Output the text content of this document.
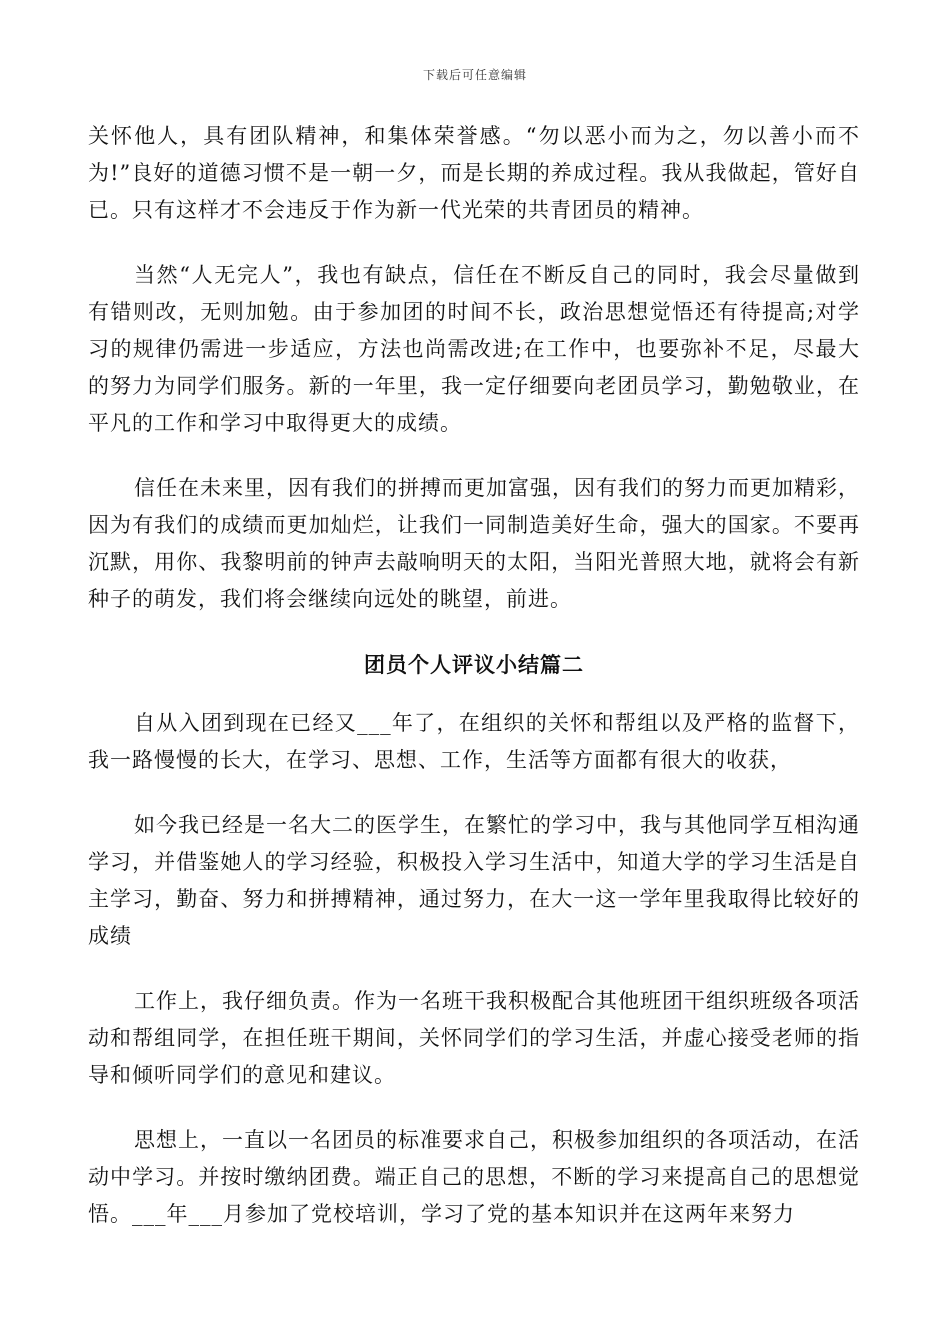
下载后可任意编辑

关怀他人，具有团队精神，和集体荣誉感。“勿以恶小而为之，勿以善小而不为!”良好的道德习惯不是一朝一夕，而是长期的养成过程。我从我做起，管好自已。只有这样才不会违反于作为新一代光荣的共青团员的精神。

当然“人无完人”，我也有缺点，信任在不断反自己的同时，我会尽量做到有错则改，无则加勉。由于参加团的时间不长，政治思想觉悟还有待提高;对学习的规律仍需进一步适应，方法也尚需改进;在工作中，也要弥补不足，尽最大的努力为同学们服务。新的一年里，我一定仔细要向老团员学习，勤勉敬业，在平凡的工作和学习中取得更大的成绩。

信任在未来里，因有我们的拼搏而更加富强，因有我们的努力而更加精彩，因为有我们的成绩而更加灿烂，让我们一同制造美好生命，强大的国家。不要再沉默，用你、我黎明前的钟声去敲响明天的太阳，当阳光普照大地，就将会有新种子的萌发，我们将会继续向远处的眺望，前进。

团员个人评议小结篇二

自从入团到现在已经又___年了，在组织的关怀和帮组以及严格的监督下，我一路慢慢的长大，在学习、思想、工作，生活等方面都有很大的收获，

如今我已经是一名大二的医学生，在繁忙的学习中，我与其他同学互相沟通学习，并借鉴她人的学习经验，积极投入学习生活中，知道大学的学习生活是自主学习，勤奋、努力和拼搏精神，通过努力，在大一这一学年里我取得比较好的成绩

工作上，我仔细负责。作为一名班干我积极配合其他班团干组织班级各项活动和帮组同学，在担任班干期间，关怀同学们的学习生活，并虚心接受老师的指导和倾听同学们的意见和建议。

思想上，一直以一名团员的标准要求自己，积极参加组织的各项活动，在活动中学习。并按时缴纳团费。端正自己的思想，不断的学习来提高自己的思想觉悟。___年___月参加了党校培训，学习了党的基本知识并在这两年来努力
